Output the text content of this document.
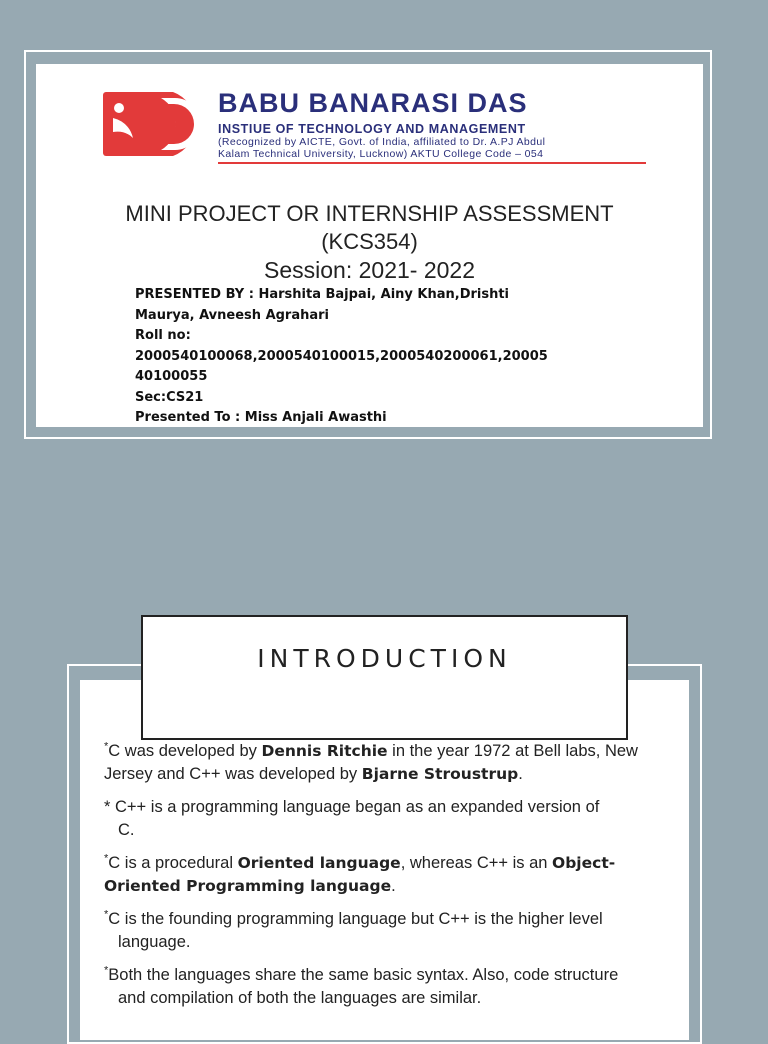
BABU BANARASI DAS
INSTIUE OF TECHNOLOGY AND MANAGEMENT
(Recognized by AICTE, Govt. of India, affiliated to Dr. A.PJ Abdul
Kalam Technical University, Lucknow) AKTU College Code – 054
MINI PROJECT OR INTERNSHIP ASSESSMENT
(KCS354)
Session: 2021- 2022
PRESENTED BY : Harshita Bajpai, Ainy Khan,Drishti
Maurya, Avneesh Agrahari
Roll no:
2000540100068,2000540100015,2000540200061,20005
40100055
Sec:CS21
Presented To : Miss Anjali Awasthi
INTRODUCTION
*C was developed by Dennis Ritchie in the year 1972 at Bell labs, New Jersey and C++ was developed by Bjarne Stroustrup.
* C++ is a programming language began as an expanded version of
C.
*C is a procedural Oriented language, whereas C++ is an Object- Oriented Programming language.
*C is the founding programming language but C++ is the higher level
language.
*Both the languages share the same basic syntax. Also, code structure
and compilation of both the languages are similar.
